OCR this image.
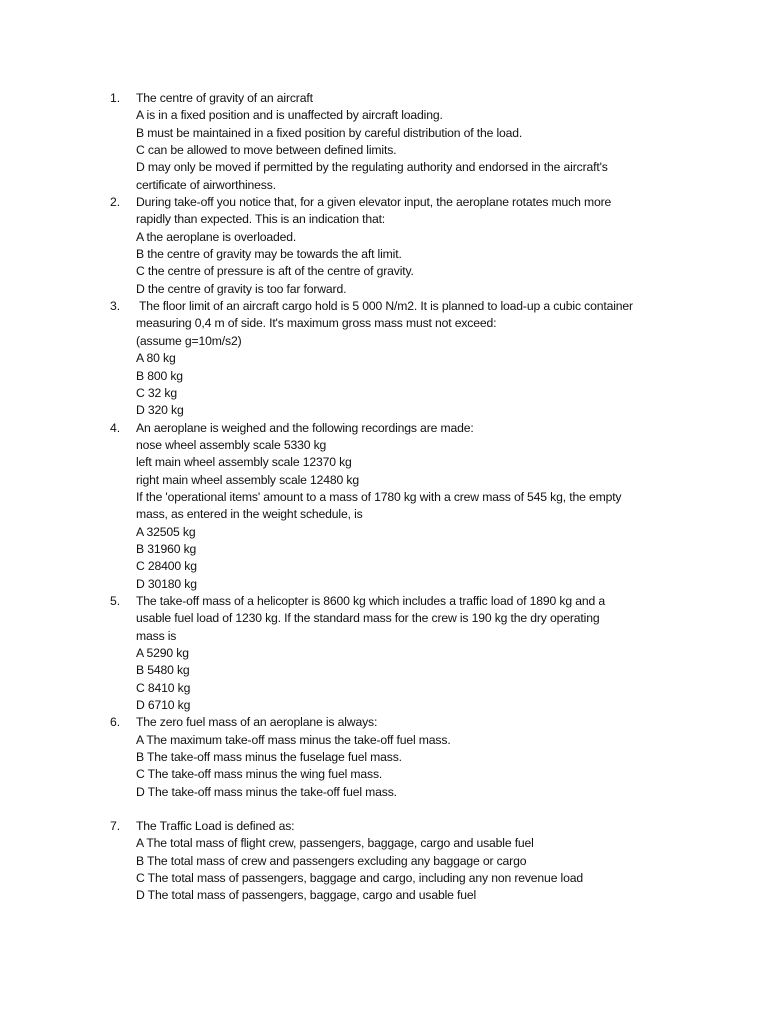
1.	The centre of gravity of an aircraft
A is in a fixed position and is unaffected by aircraft loading.
B must be maintained in a fixed position by careful distribution of the load.
C can be allowed to move between defined limits.
D may only be moved if permitted by the regulating authority and endorsed in the aircraft's
certificate of airworthiness.
2.	During take-off you notice that, for a given elevator input, the aeroplane rotates much more
rapidly than expected. This is an indication that:
A the aeroplane is overloaded.
B the centre of gravity may be towards the aft limit.
C the centre of pressure is aft of the centre of gravity.
D the centre of gravity is too far forward.
3.	The floor limit of an aircraft cargo hold is 5 000 N/m2. It is planned to load-up a cubic container
measuring 0,4 m of side. It's maximum gross mass must not exceed:
(assume g=10m/s2)
A 80 kg
B 800 kg
C 32 kg
D 320 kg
4.	An aeroplane is weighed and the following recordings are made:
nose wheel assembly scale 5330 kg
left main wheel assembly scale 12370 kg
right main wheel assembly scale 12480 kg
If the 'operational items' amount to a mass of 1780 kg with a crew mass of 545 kg, the empty
mass, as entered in the weight schedule, is
A 32505 kg
B 31960 kg
C 28400 kg
D 30180 kg
5.	The take-off mass of a helicopter is 8600 kg which includes a traffic load of 1890 kg and a
usable fuel load of 1230 kg. If the standard mass for the crew is 190 kg the dry operating
mass is
A 5290 kg
B 5480 kg
C 8410 kg
D 6710 kg
6.	The zero fuel mass of an aeroplane is always:
A The maximum take-off mass minus the take-off fuel mass.
B The take-off mass minus the fuselage fuel mass.
C The take-off mass minus the wing fuel mass.
D The take-off mass minus the take-off fuel mass.
7.	The Traffic Load is defined as:
A The total mass of flight crew, passengers, baggage, cargo and usable fuel
B The total mass of crew and passengers excluding any baggage or cargo
C The total mass of passengers, baggage and cargo, including any non revenue load
D The total mass of passengers, baggage, cargo and usable fuel
